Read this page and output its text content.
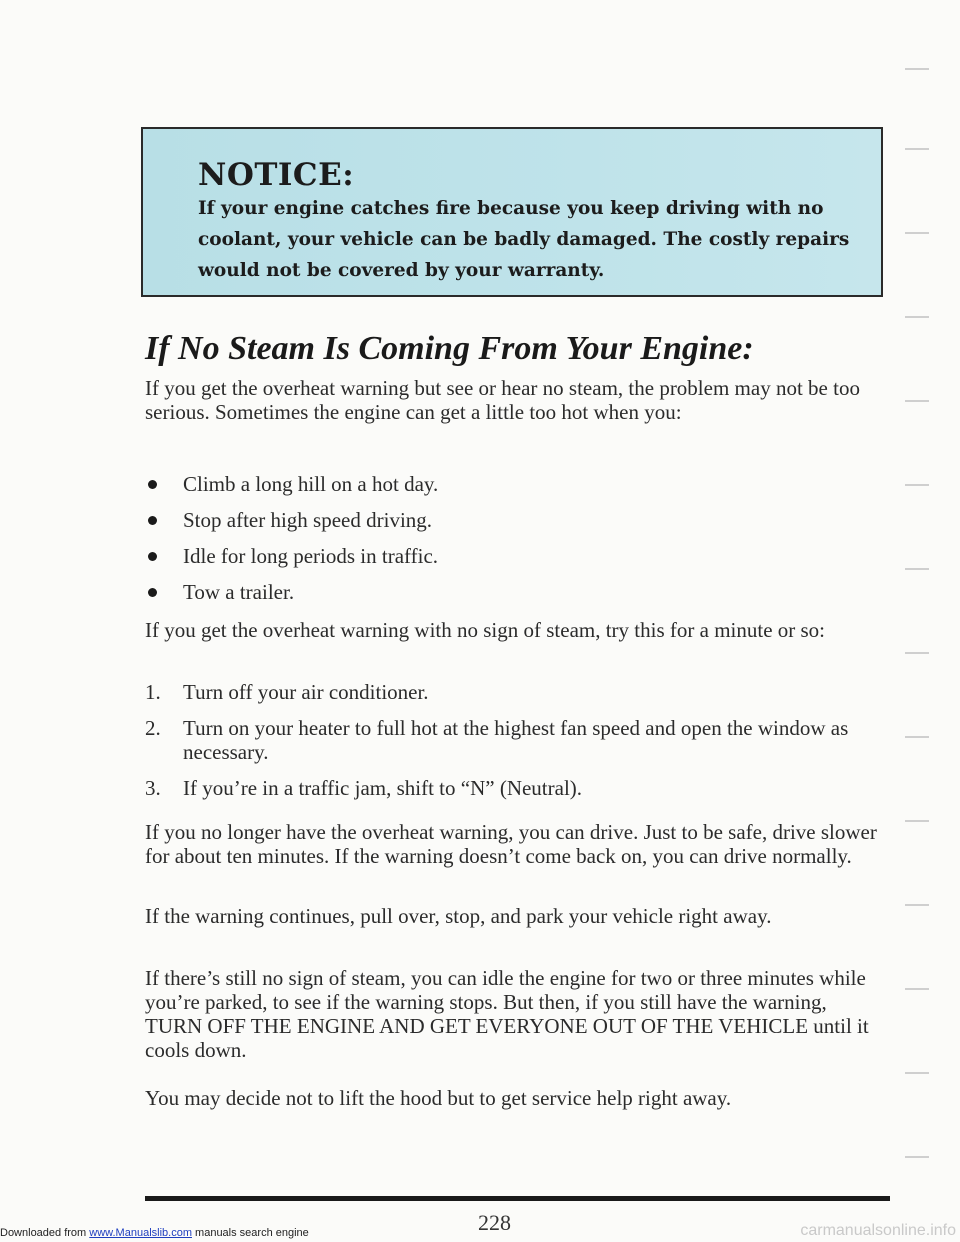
NOTICE:
If your engine catches fire because you keep driving with no coolant, your vehicle can be badly damaged. The costly repairs would not be covered by your warranty.
If No Steam Is Coming From Your Engine:
If you get the overheat warning but see or hear no steam, the problem may not be too serious. Sometimes the engine can get a little too hot when you:
Climb a long hill on a hot day.
Stop after high speed driving.
Idle for long periods in traffic.
Tow a trailer.
If you get the overheat warning with no sign of steam, try this for a minute or so:
1. Turn off your air conditioner.
2. Turn on your heater to full hot at the highest fan speed and open the window as necessary.
3. If you’re in a traffic jam, shift to “N” (Neutral).
If you no longer have the overheat warning, you can drive. Just to be safe, drive slower for about ten minutes. If the warning doesn’t come back on, you can drive normally.
If the warning continues, pull over, stop, and park your vehicle right away.
If there’s still no sign of steam, you can idle the engine for two or three minutes while you’re parked, to see if the warning stops. But then, if you still have the warning, TURN OFF THE ENGINE AND GET EVERYONE OUT OF THE VEHICLE until it cools down.
You may decide not to lift the hood but to get service help right away.
228
Downloaded from www.Manualslib.com manuals search engine	carmanualsonline.info
